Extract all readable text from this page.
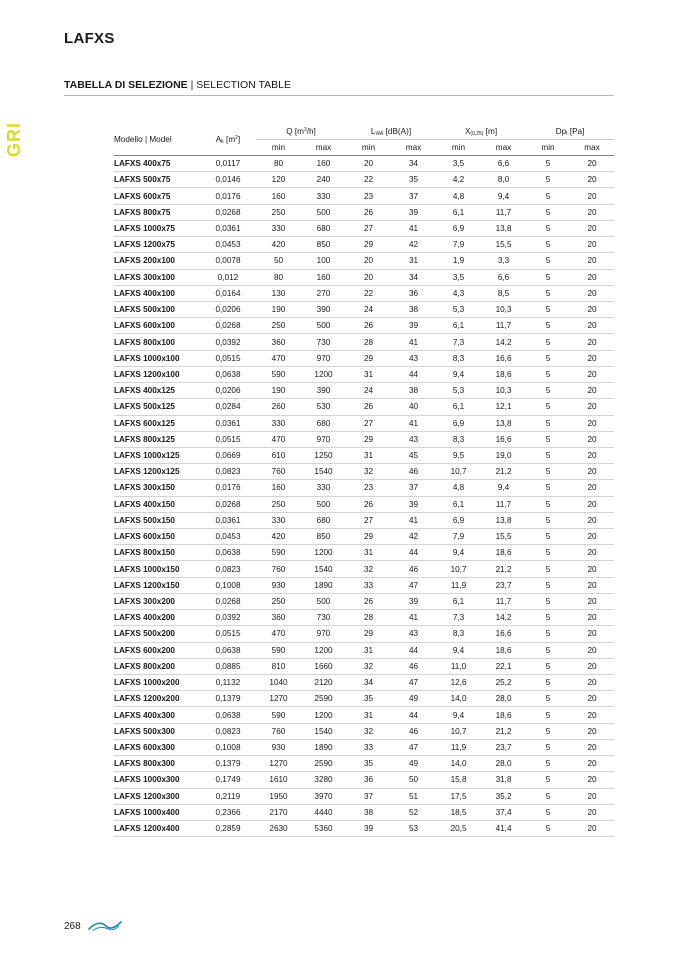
LAFXS
TABELLA DI SELEZIONE | SELECTION TABLE
GRI	Modello | Model	$A_k$ $[m^2]$	Q $[m^3/h]$		$L_{WA}$ [dB(A)]		$X_{(0,25)}$ [m]		$Dp_t$ [Pa]	
		min	max	min	max	min	max	min	max
LAFXS 400x75	0,0117	80	160	20	34	3,5	6,6	5	20
LAFXS 500x75	0,0146	120	240	22	35	4,2	8,0	5	20
LAFXS 600x75	0,0176	160	330	23	37	4,8	9,4	5	20
LAFXS 800x75	0,0268	250	500	26	39	6,1	11,7	5	20
LAFXS 1000x75	0,0361	330	680	27	41	6,9	13,8	5	20
LAFXS 1200x75	0,0453	420	850	29	42	7,9	15,5	5	20
LAFXS 200x100	0,0078	50	100	20	31	1,9	3,3	5	20
LAFXS 300x100	0,012	80	160	20	34	3,5	6,6	5	20
LAFXS 400x100	0,0164	130	270	22	36	4,3	8,5	5	20
LAFXS 500x100	0,0206	190	390	24	38	5,3	10,3	5	20
LAFXS 600x100	0,0268	250	500	26	39	6,1	11,7	5	20
LAFXS 800x100	0,0392	360	730	28	41	7,3	14,2	5	20
LAFXS 1000x100	0,0515	470	970	29	43	8,3	16,6	5	20
LAFXS 1200x100	0,0638	590	1200	31	44	9,4	18,6	5	20
LAFXS 400x125	0,0206	190	390	24	38	5,3	10,3	5	20
LAFXS 500x125	0,0284	260	530	26	40	6,1	12,1	5	20
LAFXS 600x125	0,0361	330	680	27	41	6,9	13,8	5	20
LAFXS 800x125	0,0515	470	970	29	43	8,3	16,6	5	20
LAFXS 1000x125	0,0669	610	1250	31	45	9,5	19,0	5	20
LAFXS 1200x125	0,0823	760	1540	32	46	10,7	21,2	5	20
LAFXS 300x150	0,0176	160	330	23	37	4,8	9,4	5	20
LAFXS 400x150	0,0268	250	500	26	39	6,1	11,7	5	20
LAFXS 500x150	0,0361	330	680	27	41	6,9	13,8	5	20
LAFXS 600x150	0,0453	420	850	29	42	7,9	15,5	5	20
LAFXS 800x150	0,0638	590	1200	31	44	9,4	18,6	5	20
LAFXS 1000x150	0,0823	760	1540	32	46	10,7	21,2	5	20
LAFXS 1200x150	0,1008	930	1890	33	47	11,9	23,7	5	20
LAFXS 300x200	0,0268	250	500	26	39	6,1	11,7	5	20
LAFXS 400x200	0,0392	360	730	28	41	7,3	14,2	5	20
LAFXS 500x200	0,0515	470	970	29	43	8,3	16,6	5	20
LAFXS 600x200	0,0638	590	1200	31	44	9,4	18,6	5	20
LAFXS 800x200	0,0885	810	1660	32	46	11,0	22,1	5	20
LAFXS 1000x200	0,1132	1040	2120	34	47	12,6	25,2	5	20
LAFXS 1200x200	0,1379	1270	2590	35	49	14,0	28,0	5	20
LAFXS 400x300	0,0638	590	1200	31	44	9,4	18,6	5	20
LAFXS 500x300	0,0823	760	1540	32	46	10,7	21,2	5	20
LAFXS 600x300	0,1008	930	1890	33	47	11,9	23,7	5	20
LAFXS 800x300	0,1379	1270	2590	35	49	14,0	28,0	5	20
LAFXS 1000x300	0,1749	1610	3280	36	50	15,8	31,8	5	20
LAFXS 1200x300	0,2119	1950	3970	37	51	17,5	35,2	5	20
LAFXS 1000x400	0,2366	2170	4440	38	52	18,5	37,4	5	20
LAFXS 1200x400	0,2859	2630	5360	39	53	20,5	41,4	5	20
268
